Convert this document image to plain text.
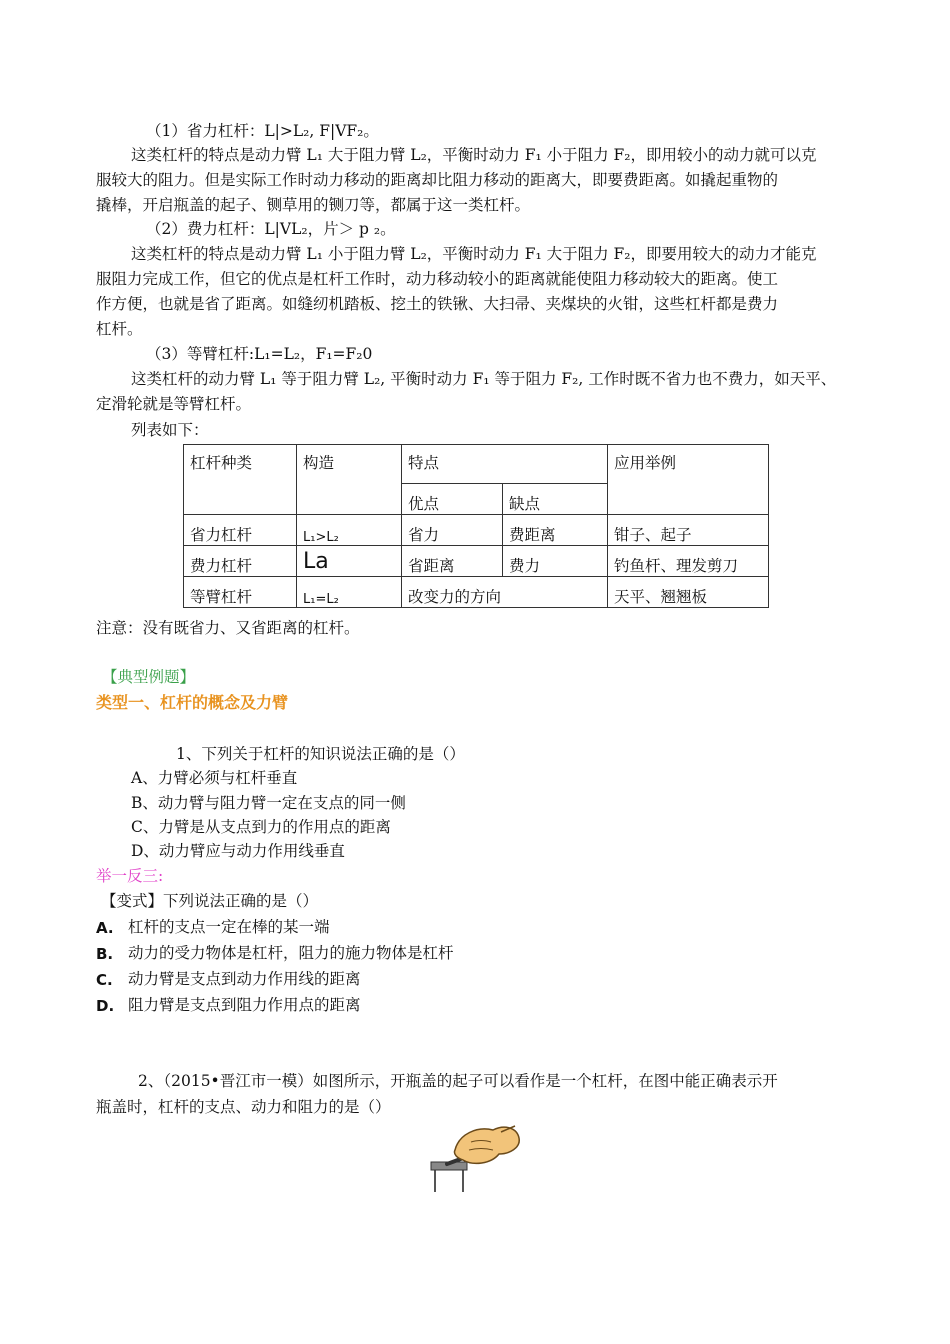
（1）省力杠杆：L|>L₂, F|VF₂。
这类杠杆的特点是动力臂 L₁ 大于阻力臂 L₂，平衡时动力 F₁ 小于阻力 F₂，即用较小的动力就可以克
服较大的阻力。但是实际工作时动力移动的距离却比阻力移动的距离大，即要费距离。如撬起重物的
撬棒，开启瓶盖的起子、铡草用的铡刀等，都属于这一类杠杆。
（2）费力杠杆：L|VL₂，片＞ p ₂。
这类杠杆的特点是动力臂 L₁ 小于阻力臂 L₂，平衡时动力 F₁ 大于阻力 F₂，即要用较大的动力才能克
服阻力完成工作，但它的优点是杠杆工作时，动力移动较小的距离就能使阻力移动较大的距离。使工
作方便，也就是省了距离。如缝纫机踏板、挖土的铁锹、大扫帚、夹煤块的火钳，这些杠杆都是费力
杠杆。
（3）等臂杠杆:L₁=L₂，F₁=F₂0
这类杠杆的动力臂 L₁ 等于阻力臂 L₂, 平衡时动力 F₁ 等于阻力 F₂, 工作时既不省力也不费力，如天平、
定滑轮就是等臂杠杆。
列表如下：
杠杆种类	构造	特点		应用举例
		优点	缺点	
省力杠杆	L₁>L₂	省力	费距离	钳子、起子
费力杠杆	La	省距离	费力	钓鱼杆、理发剪刀
等臂杠杆	L₁=L₂	改变力的方向		天平、翘翘板
注意：没有既省力、又省距离的杠杆。
【典型例题】
类型一、杠杆的概念及力臂
1、下列关于杠杆的知识说法正确的是（）
A、力臂必须与杠杆垂直
B、动力臂与阻力臂一定在支点的同一侧
C、力臂是从支点到力的作用点的距离
D、动力臂应与动力作用线垂直
举一反三:
【变式】下列说法正确的是（）
A. 杠杆的支点一定在棒的某一端
B. 动力的受力物体是杠杆，阻力的施力物体是杠杆
C. 动力臂是支点到动力作用线的距离
D. 阻力臂是支点到阻力作用点的距离
2、（2015•晋江市一模）如图所示，开瓶盖的起子可以看作是一个杠杆，在图中能正确表示开
瓶盖时，杠杆的支点、动力和阻力的是（）
